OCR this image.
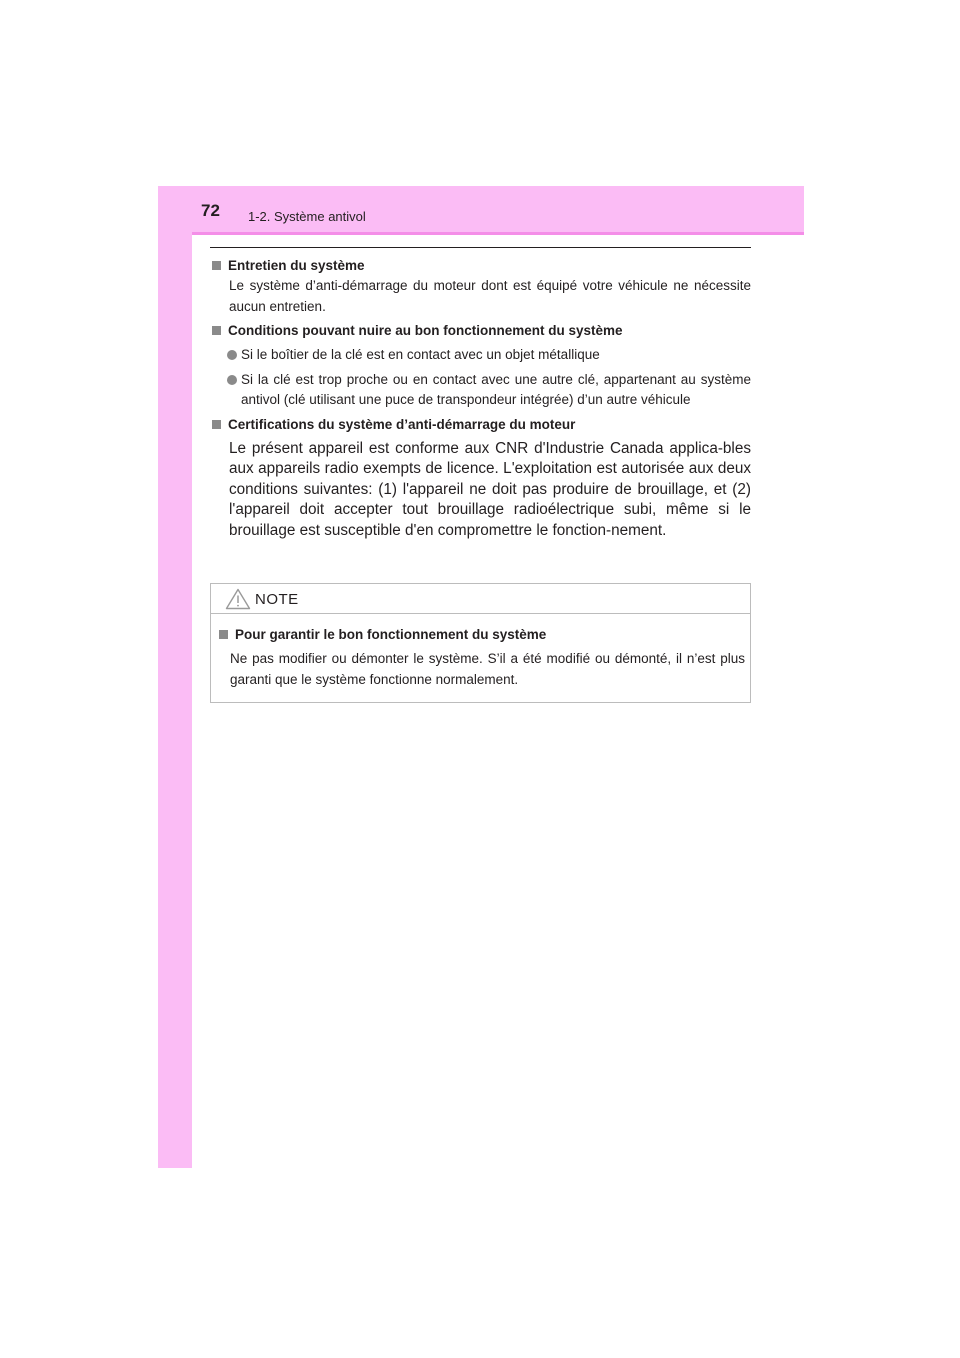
72 1-2. Système antivol
Entretien du système
Le système d’anti-démarrage du moteur dont est équipé votre véhicule ne nécessite aucun entretien.
Conditions pouvant nuire au bon fonctionnement du système
Si le boîtier de la clé est en contact avec un objet métallique
Si la clé est trop proche ou en contact avec une autre clé, appartenant au système antivol (clé utilisant une puce de transpondeur intégrée) d’un autre véhicule
Certifications du système d’anti-démarrage du moteur
Le présent appareil est conforme aux CNR d'Industrie Canada applica-bles aux appareils radio exempts de licence. L'exploitation est autorisée aux deux conditions suivantes: (1) l'appareil ne doit pas produire de brouillage, et (2) l'appareil doit accepter tout brouillage radioélectrique subi, même si le brouillage est susceptible d'en compromettre le fonction-nement.
NOTE
Pour garantir le bon fonctionnement du système
Ne pas modifier ou démonter le système. S’il a été modifié ou démonté, il n’est plus garanti que le système fonctionne normalement.
